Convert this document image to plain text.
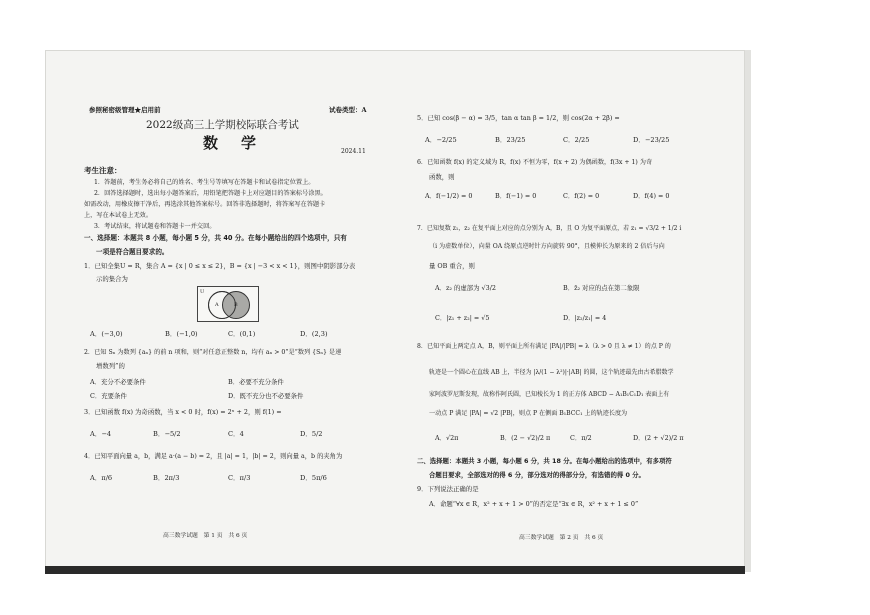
参照秘密级管理★启用前	试卷类型：A
2022级高三上学期校际联合考试
数　学	2024.11
考生注意：
1．答题前，考生务必将自己的姓名、考生号等填写在答题卡和试卷指定位置上。
2．回答选择题时，选出每小题答案后，用铅笔把答题卡上对应题目的答案标号涂黑。
如需改动，用橡皮擦干净后，再选涂其他答案标号。回答非选择题时，将答案写在答题卡
上，写在本试卷上无效。
3．考试结束，将试题卷和答题卡一并交回。
一、选择题：本题共 8 小题，每小题 5 分，共 40 分。在每小题给出的四个选项中，只有
一项是符合题目要求的。
1．已知全集U = R，集合 A = {x | 0 ≤ x ≤ 2}，B = {x | −3 < x < 1}，则图中阴影部分表
示的集合为
A．(−3,0)	B．(−1,0)	C．(0,1)	D．(2,3)
2．已知 Sₙ 为数列 {aₙ} 的前 n 项和，则“对任意正整数 n，均有 aₙ > 0”是“数列 {Sₙ} 是递
增数列”的
A．充分不必要条件	B．必要不充分条件
C．充要条件	D．既不充分也不必要条件
3．已知函数 f(x) 为奇函数，当 x < 0 时，f(x) = 2ˣ + 2，则 f(1) =
A．−4	B．−5/2	C．4	D．5/2
4．已知平面向量 a，b，满足 a·(a − b) = 2，且 |a| = 1，|b| = 2，则向量 a，b 的夹角为
A．π/6	B．2π/3	C．π/3	D．5π/6
高三数学试题　第 1 页　共 6 页
5．已知 cos(β − α) = 3/5，tan α tan β = 1/2，则 cos(2α + 2β) =
A．−2/25	B．23/25	C．2/25	D．−23/25
6．已知函数 f(x) 的定义域为 R，f(x) 不恒为零，f(x + 2) 为偶函数，f(3x + 1) 为奇
函数，则
A．f(−1/2) = 0	B．f(−1) = 0	C．f(2) = 0	D．f(4) = 0
7．已知复数 z₁，z₂ 在复平面上对应的点分别为 A，B，且 O 为复平面原点，若 z₁ = √3/2 + 1/2 i
（i 为虚数单位），向量 OA 绕原点逆时针方向旋转 90°，且模伸长为原来的 2 倍后与向
量 OB 重合，则
A．z₂ 的虚部为 √3/2	B．z̄₂ 对应的点在第二象限
C．|z₁ + z₂| = √5	D．|z₂/z₁| = 4
8．已知平面上两定点 A，B，则平面上所有满足 |PA|/|PB| = λ（λ > 0 且 λ ≠ 1）的点 P 的
轨迹是一个圆心在直线 AB 上，半径为 |λ/(1 − λ²)|·|AB| 的圆，这个轨迹最先由古希腊数学
家阿波罗尼斯发现，故称作阿氏圆，已知棱长为 1 的正方体 ABCD − A₁B₁C₁D₁ 表面上有
一动点 P 满足 |PA| = √2 |PB|，则点 P 在侧面 B₁BCC₁ 上的轨迹长度为
A．√2π	B．(2 − √2)/2 π	C．π/2	D．(2 + √2)/2 π
二、选择题：本题共 3 小题，每小题 6 分，共 18 分。在每小题给出的选项中，有多项符
合题目要求，全部选对的得 6 分，部分选对的得部分分，有选错的得 0 分。
9．下列说法正确的是
A．命题“∀x ∈ R，x² + x + 1 > 0”的否定是“∃x ∈ R，x² + x + 1 ≤ 0”
高三数学试题　第 2 页　共 6 页
U
A	B
